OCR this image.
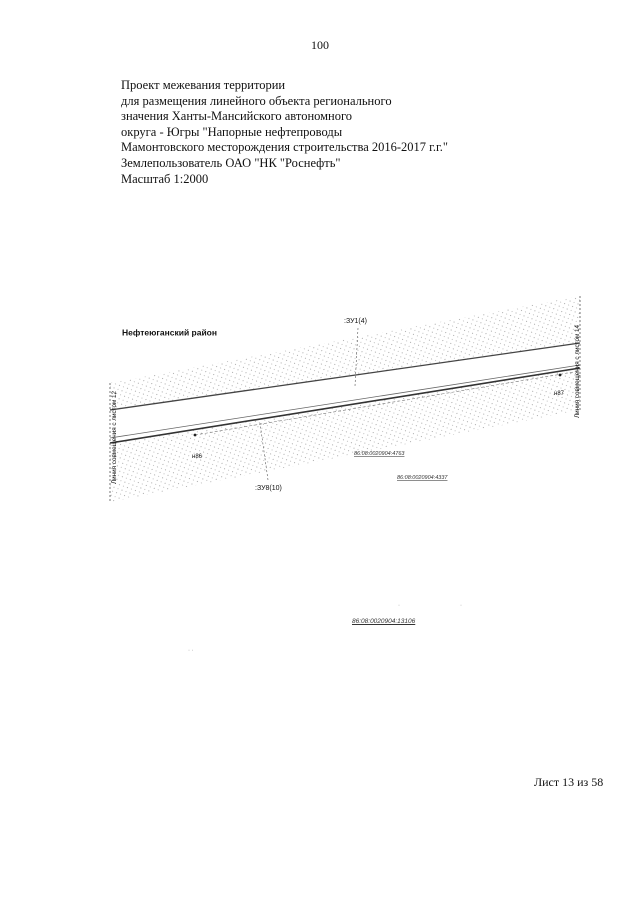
100
Проект межевания территории
для размещения линейного объекта регионального
значения Ханты-Мансийского автономного
округа - Югры "Напорные нефтепроводы
Мамонтовского месторождения строительства 2016-2017 г.г."
Землепользователь ОАО "НК "Роснефть"
Масштаб 1:2000
Нефтеюганский район
:ЗУ1(4)
:ЗУ8(10)
н86
н87
86:08:0020904:4763
86:08:0020904:4337
Линия совмещения с листом 12
Линия совмещения с листом 14
86:08:0020904:13106
·	·
· ·
Лист 13 из 58
